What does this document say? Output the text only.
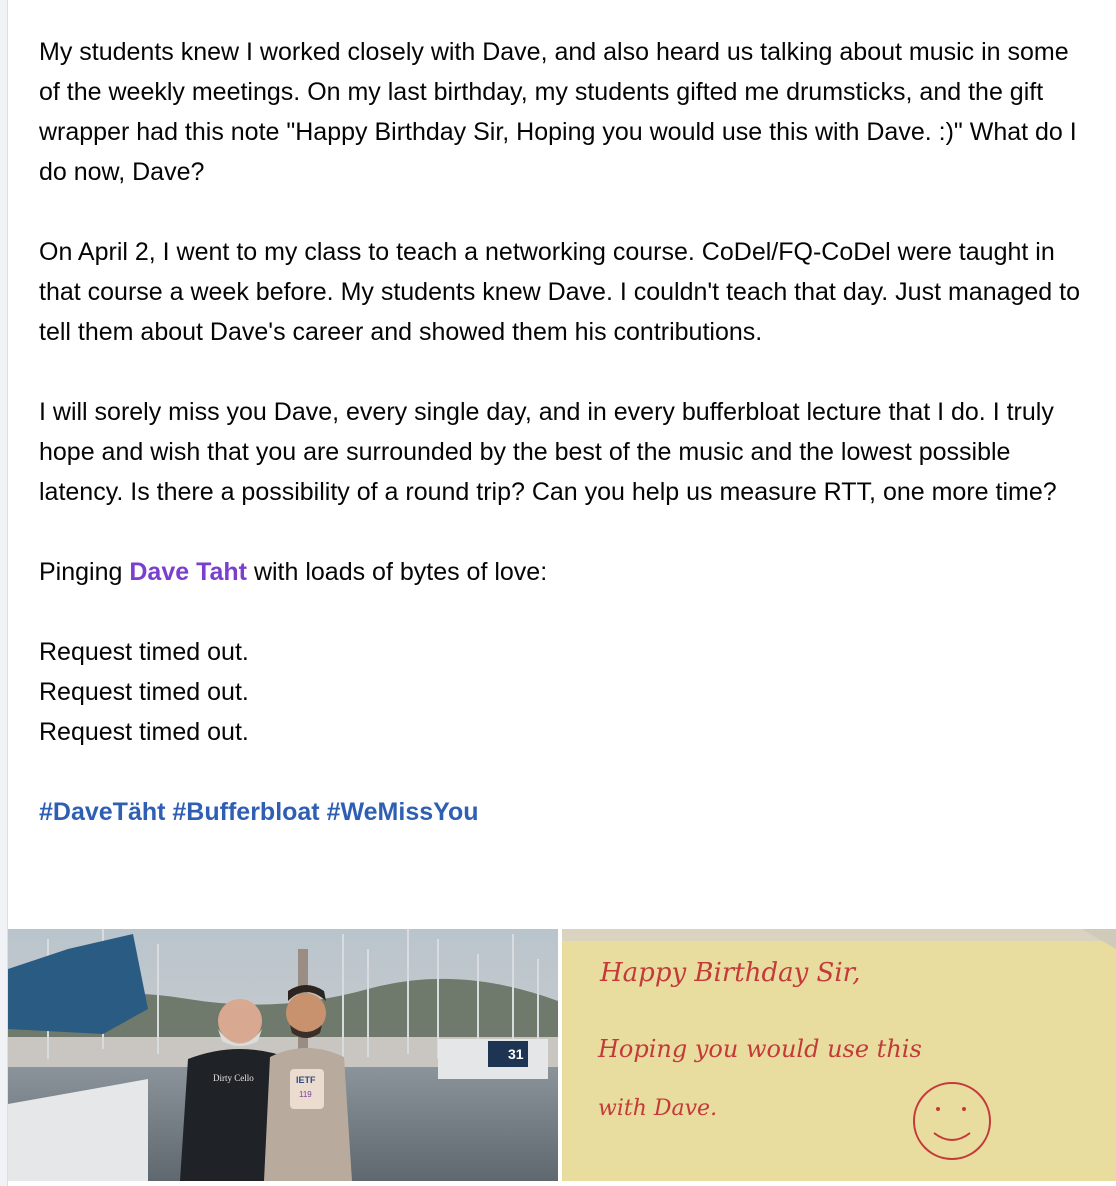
My students knew I worked closely with Dave, and also heard us talking about music in some of the weekly meetings. On my last birthday, my students gifted me drumsticks, and the gift wrapper had this note "Happy Birthday Sir, Hoping you would use this with Dave. :)" What do I do now, Dave?

On April 2, I went to my class to teach a networking course. CoDel/FQ-CoDel were taught in that course a week before. My students knew Dave. I couldn't teach that day. Just managed to tell them about Dave's career and showed them his contributions.

I will sorely miss you Dave, every single day, and in every bufferbloat lecture that I do. I truly hope and wish that you are surrounded by the best of the music and the lowest possible latency. Is there a possibility of a round trip? Can you help us measure RTT, one more time?

Pinging Dave Taht with loads of bytes of love:

Request timed out.
Request timed out.
Request timed out.

#DaveTäht #Bufferbloat #WeMissYou

31
Dirty Cello	IETF
119
Happy Birthday Sir,
Hoping you would use this
with Dave.
